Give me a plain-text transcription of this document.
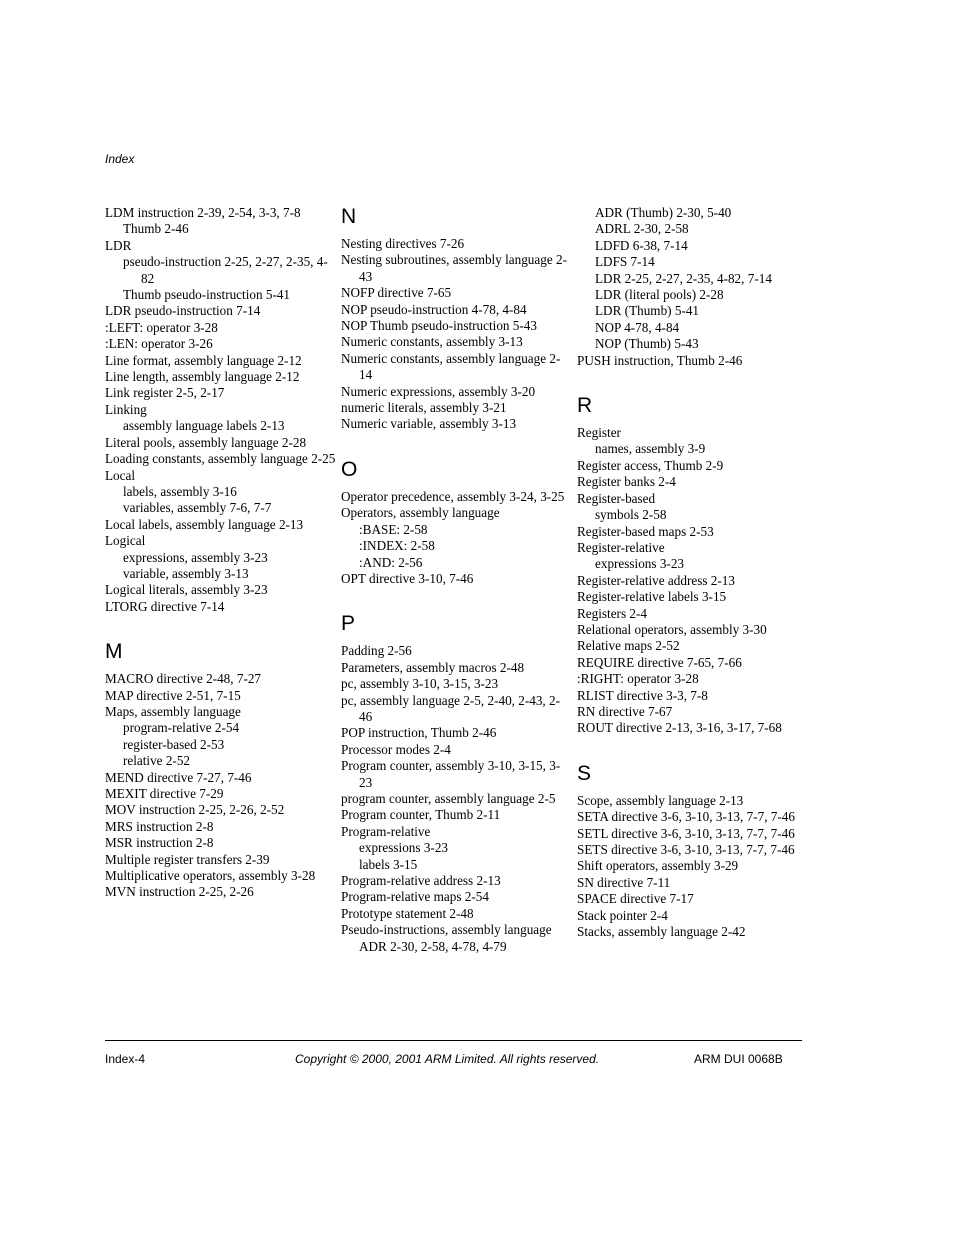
Index
LDM instruction 2-39, 2-54, 3-3, 7-8
Thumb 2-46
LDR
pseudo-instruction 2-25, 2-27, 2-35, 4-82
Thumb pseudo-instruction 5-41
LDR pseudo-instruction 7-14
:LEFT: operator 3-28
:LEN: operator 3-26
Line format, assembly language 2-12
Line length, assembly language 2-12
Link register 2-5, 2-17
Linking
assembly language labels 2-13
Literal pools, assembly language 2-28
Loading constants, assembly language 2-25
Local
labels, assembly 3-16
variables, assembly 7-6, 7-7
Local labels, assembly language 2-13
Logical
expressions, assembly 3-23
variable, assembly 3-13
Logical literals, assembly 3-23
LTORG directive 7-14
M
MACRO directive 2-48, 7-27
MAP directive 2-51, 7-15
Maps, assembly language
program-relative 2-54
register-based 2-53
relative 2-52
MEND directive 7-27, 7-46
MEXIT directive 7-29
MOV instruction 2-25, 2-26, 2-52
MRS instruction 2-8
MSR instruction 2-8
Multiple register transfers 2-39
Multiplicative operators, assembly 3-28
MVN instruction 2-25, 2-26
N
Nesting directives 7-26
Nesting subroutines, assembly language 2-43
NOFP directive 7-65
NOP pseudo-instruction 4-78, 4-84
NOP Thumb pseudo-instruction 5-43
Numeric constants, assembly 3-13
Numeric constants, assembly language 2-14
Numeric expressions, assembly 3-20
numeric literals, assembly 3-21
Numeric variable, assembly 3-13
O
Operator precedence, assembly 3-24, 3-25
Operators, assembly language
:BASE: 2-58
:INDEX: 2-58
:AND: 2-56
OPT directive 3-10, 7-46
P
Padding 2-56
Parameters, assembly macros 2-48
pc, assembly 3-10, 3-15, 3-23
pc, assembly language 2-5, 2-40, 2-43, 2-46
POP instruction, Thumb 2-46
Processor modes 2-4
Program counter, assembly 3-10, 3-15, 3-23
program counter, assembly language 2-5
Program counter, Thumb 2-11
Program-relative
expressions 3-23
labels 3-15
Program-relative address 2-13
Program-relative maps 2-54
Prototype statement 2-48
Pseudo-instructions, assembly language
ADR 2-30, 2-58, 4-78, 4-79
ADR (Thumb) 2-30, 5-40
ADRL 2-30, 2-58
LDFD 6-38, 7-14
LDFS 7-14
LDR 2-25, 2-27, 2-35, 4-82, 7-14
LDR (literal pools) 2-28
LDR (Thumb) 5-41
NOP 4-78, 4-84
NOP (Thumb) 5-43
PUSH instruction, Thumb 2-46
R
Register
names, assembly 3-9
Register access, Thumb 2-9
Register banks 2-4
Register-based
symbols 2-58
Register-based maps 2-53
Register-relative
expressions 3-23
Register-relative address 2-13
Register-relative labels 3-15
Registers 2-4
Relational operators, assembly 3-30
Relative maps 2-52
REQUIRE directive 7-65, 7-66
:RIGHT: operator 3-28
RLIST directive 3-3, 7-8
RN directive 7-67
ROUT directive 2-13, 3-16, 3-17, 7-68
S
Scope, assembly language 2-13
SETA directive 3-6, 3-10, 3-13, 7-7, 7-46
SETL directive 3-6, 3-10, 3-13, 7-7, 7-46
SETS directive 3-6, 3-10, 3-13, 7-7, 7-46
Shift operators, assembly 3-29
SN directive 7-11
SPACE directive 7-17
Stack pointer 2-4
Stacks, assembly language 2-42
Index-4	Copyright © 2000, 2001 ARM Limited. All rights reserved.	ARM DUI 0068B
